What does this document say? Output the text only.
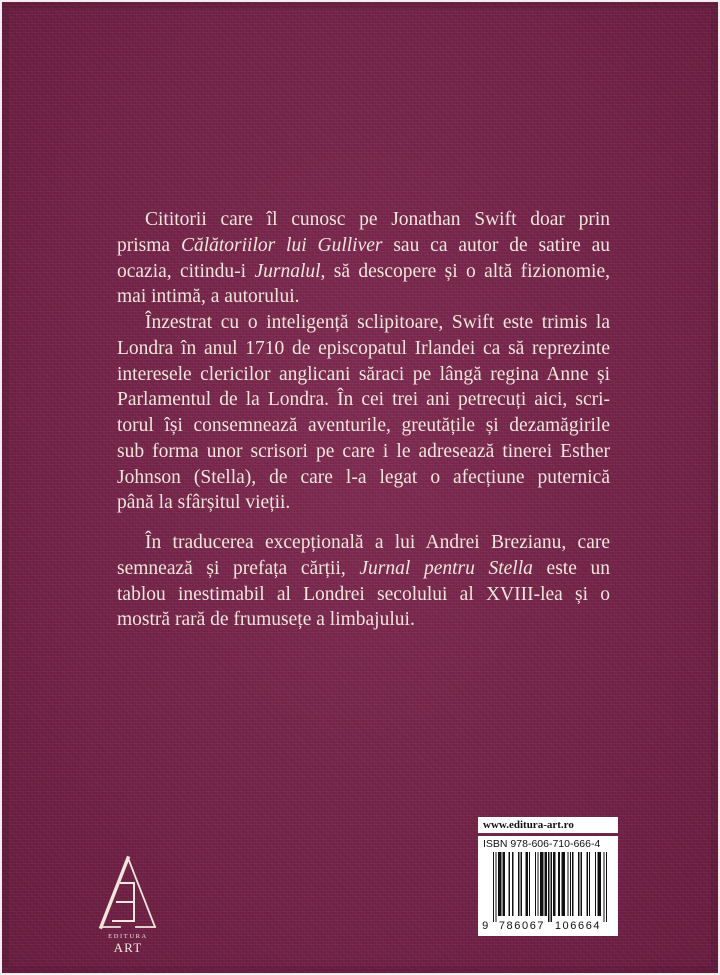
Cititorii care îl cunosc pe Jonathan Swift doar prin
prisma Călătoriilor lui Gulliver sau ca autor de satire au
ocazia, citindu-i Jurnalul, să descopere și o altă fizionomie,
mai intimă, a autorului.
Înzestrat cu o inteligență sclipitoare, Swift este trimis la
Londra în anul 1710 de episcopatul Irlandei ca să reprezinte
interesele clericilor anglicani săraci pe lângă regina Anne și
Parlamentul de la Londra. În cei trei ani petrecuți aici, scri-
torul își consemnează aventurile, greutățile și dezamăgirile
sub forma unor scrisori pe care i le adresează tinerei Esther
Johnson (Stella), de care l-a legat o afecțiune puternică
până la sfârșitul vieții.
În traducerea excepțională a lui Andrei Brezianu, care
semnează și prefața cărții, Jurnal pentru Stella este un
tablou inestimabil al Londrei secolului al XVIII-lea și o
mostră rară de frumusețe a limbajului.
EDITURA
ART
www.editura-art.ro
ISBN 978-606-710-666-4
9 786067 106664
